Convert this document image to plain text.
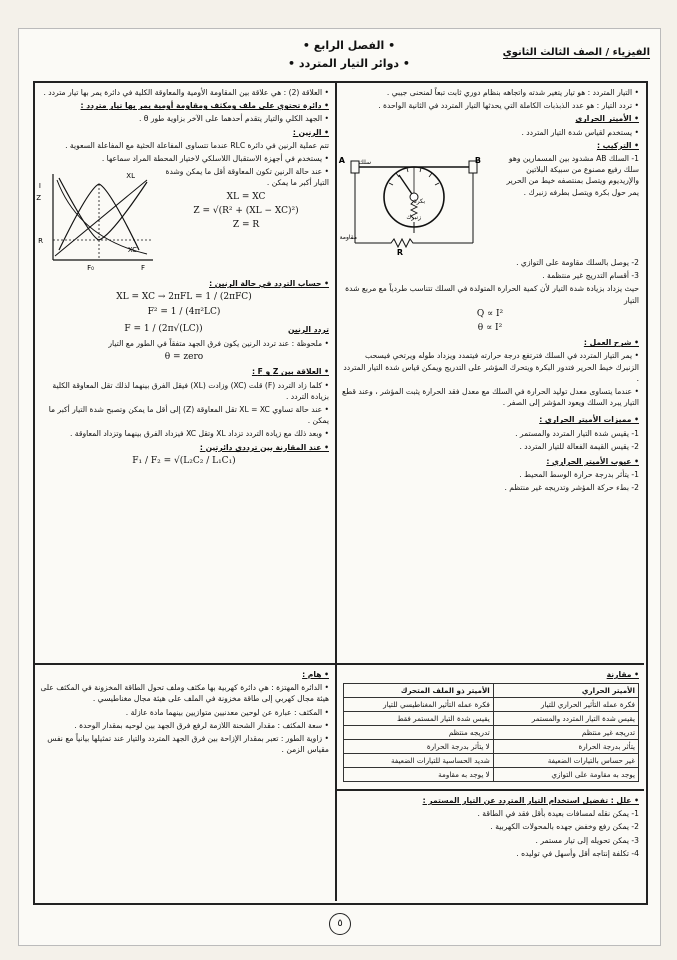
• الفصل الرابع •
• دوائر التيار المتردد •
الفيزياء / الصف الثالث الثانوي

• التيار المتردد : هو تيار يتغير شدته واتجاهه بنظام دوري ثابت تبعاً لمنحنى جيبي .

• تردد التيار : هو عدد الذبذبات الكاملة التي يحدثها التيار المتردد في الثانية الواحدة .

• الأميتر الحراري

• يستخدم لقياس شدة التيار المتردد .

• التركيب :

1- السلك AB مشدود بين المسمارين وهو سلك رفيع مصنوع من سبيكة البلاتين والإريديوم ويتصل بمنتصفه خيط من الحرير يمر حول بكرة ويتصل بطرفه زنبرك .

A	B
R
بكرة
زنبرك
سلك
مقاومة

2- يوصل بالسلك مقاومة على التوازي .

3- أقسام التدريج غير منتظمة .

حيث يزداد بزيادة شدة التيار لأن كمية الحرارة المتولدة في السلك تتناسب طردياً مع مربع شدة التيار

Q ∝ I²
θ ∝ I²

• شرح العمل :

• يمر التيار المتردد في السلك فترتفع درجة حرارته فيتمدد ويزداد طوله ويرتخي فيسحب الزنبرك خيط الحرير فتدور البكرة ويتحرك المؤشر على التدريج ويمكن قياس شدة التيار المتردد .

• عندما يتساوى معدل توليد الحرارة في السلك مع معدل فقد الحرارة يثبت المؤشر ، وعند قطع التيار يبرد السلك ويعود المؤشر إلى الصفر .

• مميزات الأميتر الحراري :

1- يقيس شدة التيار المتردد والمستمر .

2- يقيس القيمة الفعالة للتيار المتردد .

• عيوب الأميتر الحراري :

1- يتأثر بدرجة حرارة الوسط المحيط .

2- بطء حركة المؤشر وتدريجه غير منتظم .

• العلاقة (2) : هي علاقة بين المقاومة الأومية والمعاوقة الكلية في دائرة يمر بها تيار متردد .

• دائرة تحتوي على ملف ومكثف ومقاومة أومية يمر بها تيار متردد :

• الجهد الكلي والتيار يتقدم أحدهما على الآخر بزاوية طور θ .

• الرنين :

تتم عملية الرنين في دائرة RLC عندما تتساوى المفاعلة الحثية مع المفاعلة السعوية .

• يستخدم في أجهزة الاستقبال اللاسلكي لاختيار المحطة المراد سماعها .

I
Z
XL
XC
R
F₀	F

• عند حالة الرنين تكون المعاوقة أقل ما يمكن وشدة التيار أكبر ما يمكن .

XL = XC
Z = √(R² + (XL − XC)²)
Z = R

• حساب التردد في حالة الرنين :

XL = XC → 2πFL = 1 / (2πFC)
F² = 1 / (4π²LC)
تردد الرنين
F = 1 / (2π√(LC))

• ملحوظة : عند تردد الرنين يكون فرق الجهد متفقاً في الطور مع التيار

θ = zero

• العلاقة بين Z و F :

• كلما زاد التردد (F) قلت (XC) وزادت (XL) فيقل الفرق بينهما لذلك تقل المعاوقة الكلية بزيادة التردد .

• عند حالة تساوي XL = XC تقل المعاوقة (Z) إلى أقل ما يمكن وتصبح شدة التيار أكبر ما يمكن .

• وبعد ذلك مع زيادة التردد تزداد XL وتقل XC فيزداد الفرق بينهما وتزداد المعاوقة .

• عند المقارنة بين ترددي دائرتين :

F₁ / F₂ = √(L₂C₂ / L₁C₁)

• هام :

• الدائرة المهتزة : هي دائرة كهربية بها مكثف وملف تحول الطاقة المخزونة في المكثف على هيئة مجال كهربي إلى طاقة مخزونة في الملف على هيئة مجال مغناطيسي .

• المكثف : عبارة عن لوحين معدنيين متوازيين بينهما مادة عازلة .

• سعة المكثف : مقدار الشحنة اللازمة لرفع فرق الجهد بين لوحيه بمقدار الوحدة .

• زاوية الطور : تعبر بمقدار الإزاحة بين فرق الجهد المتردد والتيار عند تمثيلها بيانياً مع نفس مقياس الزمن .

• مقارنة

الأميتر الحراري	الأميتر ذو الملف المتحرك
فكرة عمله التأثير الحراري للتيار	فكرة عمله التأثير المغناطيسي للتيار
يقيس شدة التيار المتردد والمستمر	يقيس شدة التيار المستمر فقط
تدريجه غير منتظم	تدريجه منتظم
يتأثر بدرجة الحرارة	لا يتأثر بدرجة الحرارة
غير حساس بالتيارات الضعيفة	شديد الحساسية للتيارات الضعيفة
يوجد به مقاومة على التوازي	لا يوجد به مقاومة

• علل : تفضيل استخدام التيار المتردد عن التيار المستمر :

1- يمكن نقله لمسافات بعيدة بأقل فقد في الطاقة .

2- يمكن رفع وخفض جهده بالمحولات الكهربية .

3- يمكن تحويله إلى تيار مستمر .

4- تكلفة إنتاجه أقل وأسهل في توليده .

٥
